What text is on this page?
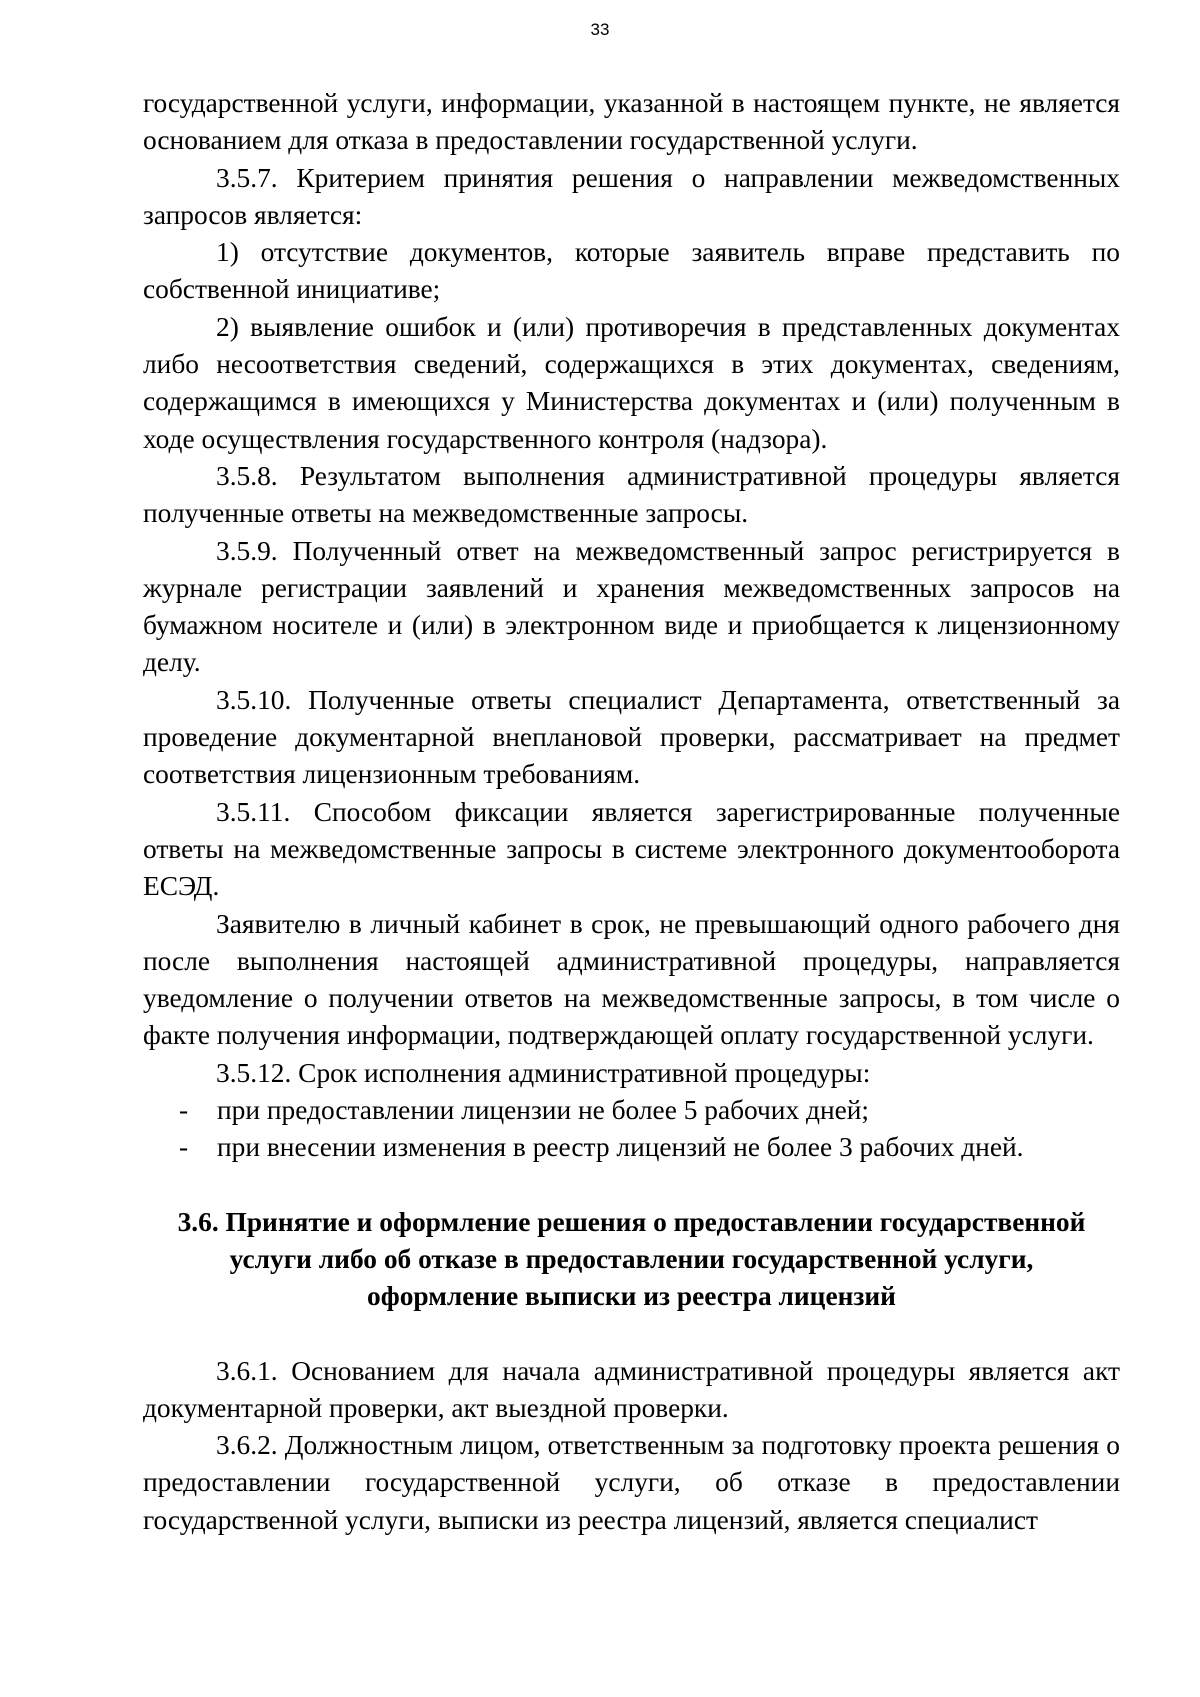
33

государственной услуги, информации, указанной в настоящем пункте, не является основанием для отказа в предоставлении государственной услуги.

3.5.7. Критерием принятия решения о направлении межведомственных запросов является:

1) отсутствие документов, которые заявитель вправе представить по собственной инициативе;

2) выявление ошибок и (или) противоречия в представленных документах либо несоответствия сведений, содержащихся в этих документах, сведениям, содержащимся в имеющихся у Министерства документах и (или) полученным в ходе осуществления государственного контроля (надзора).

3.5.8. Результатом выполнения административной процедуры является полученные ответы на межведомственные запросы.

3.5.9. Полученный ответ на межведомственный запрос регистрируется в журнале регистрации заявлений и хранения межведомственных запросов на бумажном носителе и (или) в электронном виде и приобщается к лицензионному делу.

3.5.10. Полученные ответы специалист Департамента, ответственный за проведение документарной внеплановой проверки, рассматривает на предмет соответствия лицензионным требованиям.

3.5.11. Способом фиксации является зарегистрированные полученные ответы на межведомственные запросы в системе электронного документооборота ЕСЭД.

Заявителю в личный кабинет в срок, не превышающий одного рабочего дня после выполнения настоящей административной процедуры, направляется уведомление о получении ответов на межведомственные запросы, в том числе о факте получения информации, подтверждающей оплату государственной услуги.

3.5.12. Срок исполнения административной процедуры:

- при предоставлении лицензии не более 5 рабочих дней;

- при внесении изменения в реестр лицензий не более 3 рабочих дней.

3.6. Принятие и оформление решения о предоставлении государственной
услуги либо об отказе в предоставлении государственной услуги,
оформление выписки из реестра лицензий

3.6.1. Основанием для начала административной процедуры является акт документарной проверки, акт выездной проверки.

3.6.2. Должностным лицом, ответственным за подготовку проекта решения о предоставлении государственной услуги, об отказе в предоставлении государственной услуги, выписки из реестра лицензий, является специалист
